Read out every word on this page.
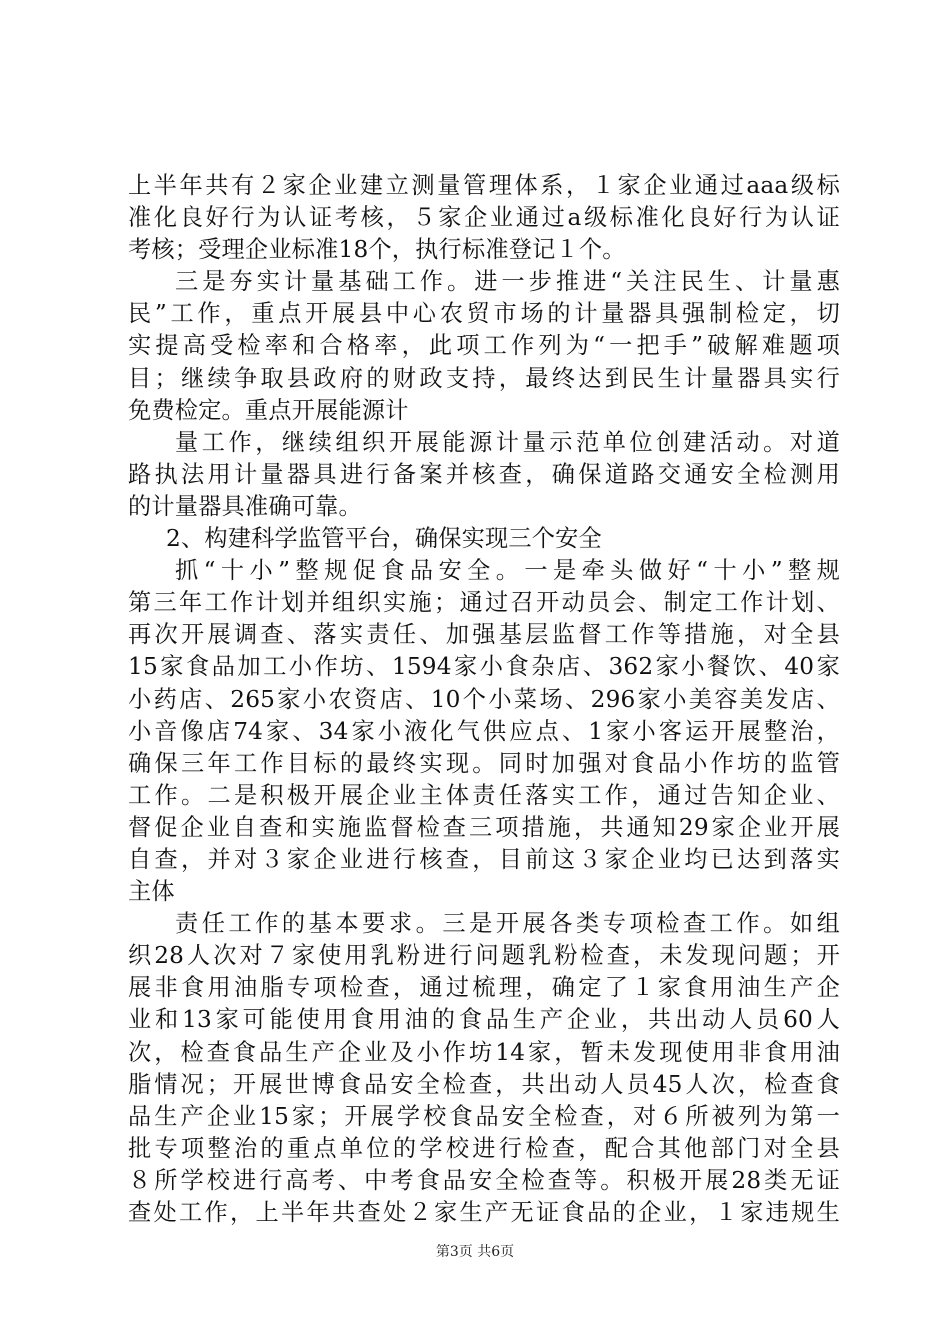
上半年共有２家企业建立测量管理体系，１家企业通过aaa级标
准化良好行为认证考核，５家企业通过a级标准化良好行为认证
考核；受理企业标准18个，执行标准登记１个。
三是夯实计量基础工作。进一步推进“关注民生、计量惠
民”工作，重点开展县中心农贸市场的计量器具强制检定，切
实提高受检率和合格率，此项工作列为“一把手”破解难题项
目；继续争取县政府的财政支持，最终达到民生计量器具实行
免费检定。重点开展能源计
量工作，继续组织开展能源计量示范单位创建活动。对道
路执法用计量器具进行备案并核查，确保道路交通安全检测用
的计量器具准确可靠。
2、构建科学监管平台，确保实现三个安全
抓“十小”整规促食品安全。一是牵头做好“十小”整规
第三年工作计划并组织实施；通过召开动员会、制定工作计划、
再次开展调查、落实责任、加强基层监督工作等措施，对全县
15家食品加工小作坊、1594家小食杂店、362家小餐饮、40家
小药店、265家小农资店、10个小菜场、296家小美容美发店、
小音像店74家、34家小液化气供应点、1家小客运开展整治，
确保三年工作目标的最终实现。同时加强对食品小作坊的监管
工作。二是积极开展企业主体责任落实工作，通过告知企业、
督促企业自查和实施监督检查三项措施，共通知29家企业开展
自查，并对３家企业进行核查，目前这３家企业均已达到落实
主体
责任工作的基本要求。三是开展各类专项检查工作。如组
织28人次对７家使用乳粉进行问题乳粉检查，未发现问题；开
展非食用油脂专项检查，通过梳理，确定了１家食用油生产企
业和13家可能使用食用油的食品生产企业，共出动人员60人
次，检查食品生产企业及小作坊14家，暂未发现使用非食用油
脂情况；开展世博食品安全检查，共出动人员45人次，检查食
品生产企业15家；开展学校食品安全检查，对６所被列为第一
批专项整治的重点单位的学校进行检查，配合其他部门对全县
８所学校进行高考、中考食品安全检查等。积极开展28类无证
查处工作，上半年共查处２家生产无证食品的企业，１家违规生
第3页 共6页
